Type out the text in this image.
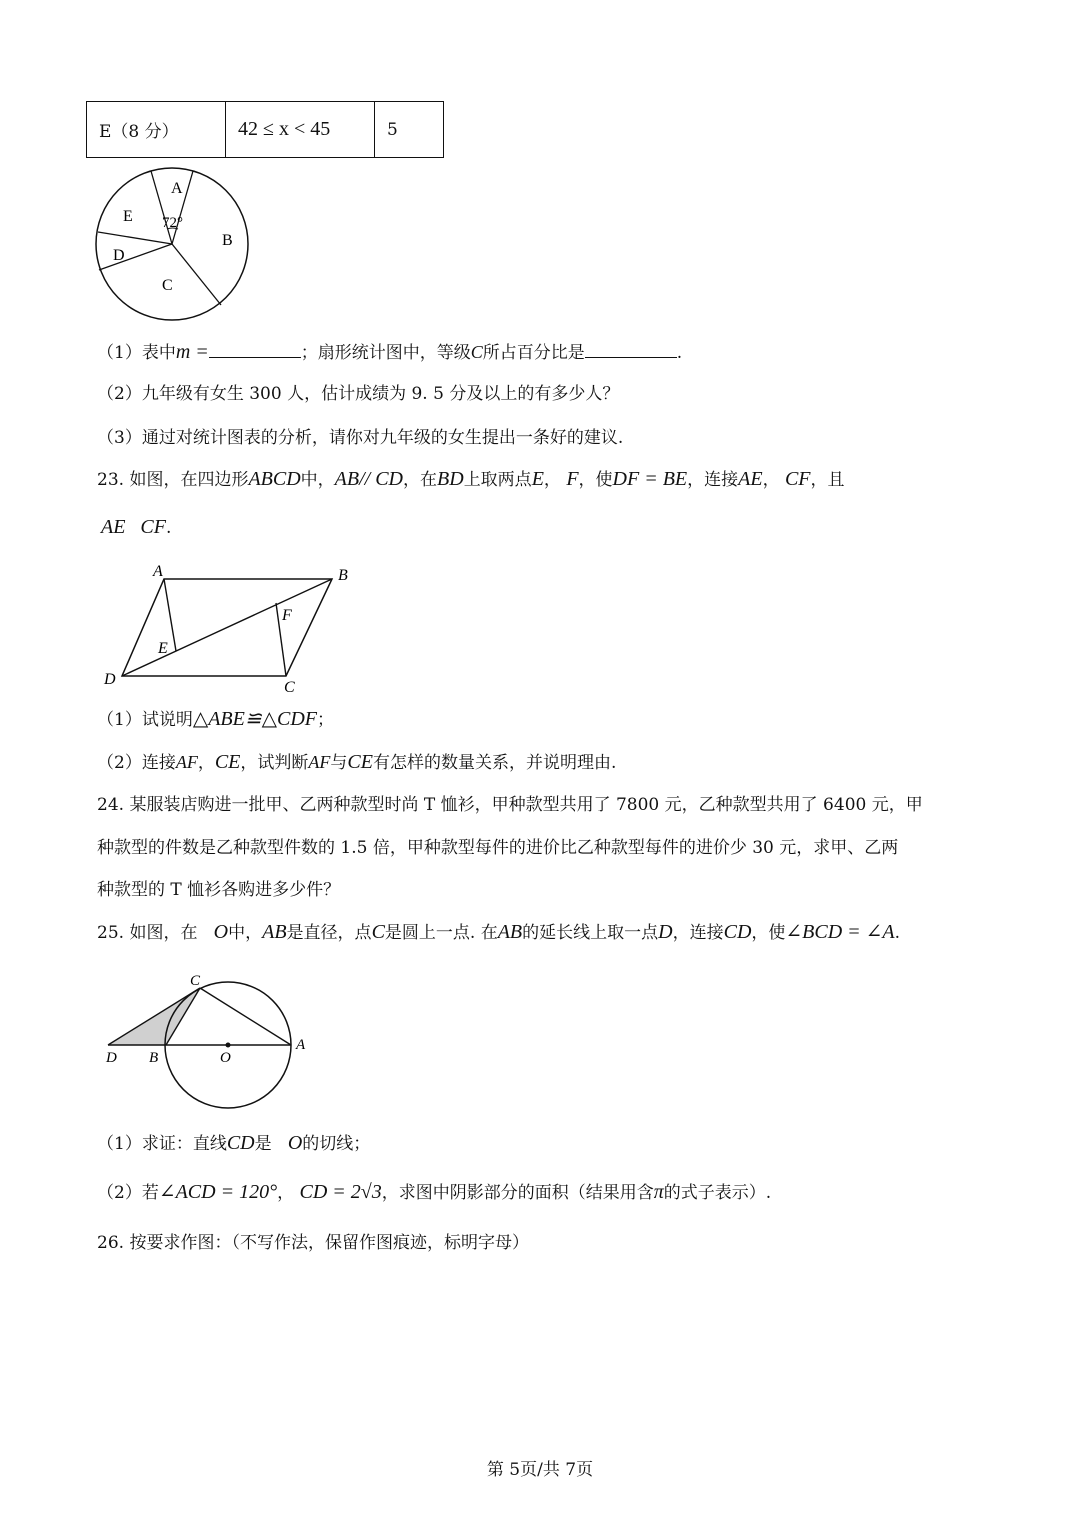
E（8 分）	42 ≤ x < 45	5
A
B
C
D
E 72°
（1）表中m =	；扇形统计图中，等级C所占百分比是	.
（2）九年级有女生 300 人，估计成绩为 9. 5 分及以上的有多少人？
（3）通过对统计图表的分析，请你对九年级的女生提出一条好的建议.
23. 如图，在四边形ABCD中，AB// CD，在BD上取两点E， F，使DF = BE，连接AE， CF，且
AE   CF.
A	B
C
D
E
F
（1）试说明△ABE≌△CDF；
（2）连接AF，CE，试判断AF与CE有怎样的数量关系，并说明理由.
24. 某服装店购进一批甲、乙两种款型时尚 T 恤衫，甲种款型共用了 7800 元，乙种款型共用了 6400 元，甲
种款型的件数是乙种款型件数的 1.5 倍，甲种款型每件的进价比乙种款型每件的进价少 30 元，求甲、乙两
种款型的 T 恤衫各购进多少件？
25. 如图，在 O中，AB是直径，点C是圆上一点. 在AB的延长线上取一点D，连接CD，使∠BCD = ∠A.
C
D B	O
A
（1）求证：直线CD是 O的切线；
（2）若∠ACD = 120°， CD = 2√3，求图中阴影部分的面积（结果用含π的式子表示）.
26. 按要求作图：（不写作法，保留作图痕迹，标明字母）
第 5页/共 7页
